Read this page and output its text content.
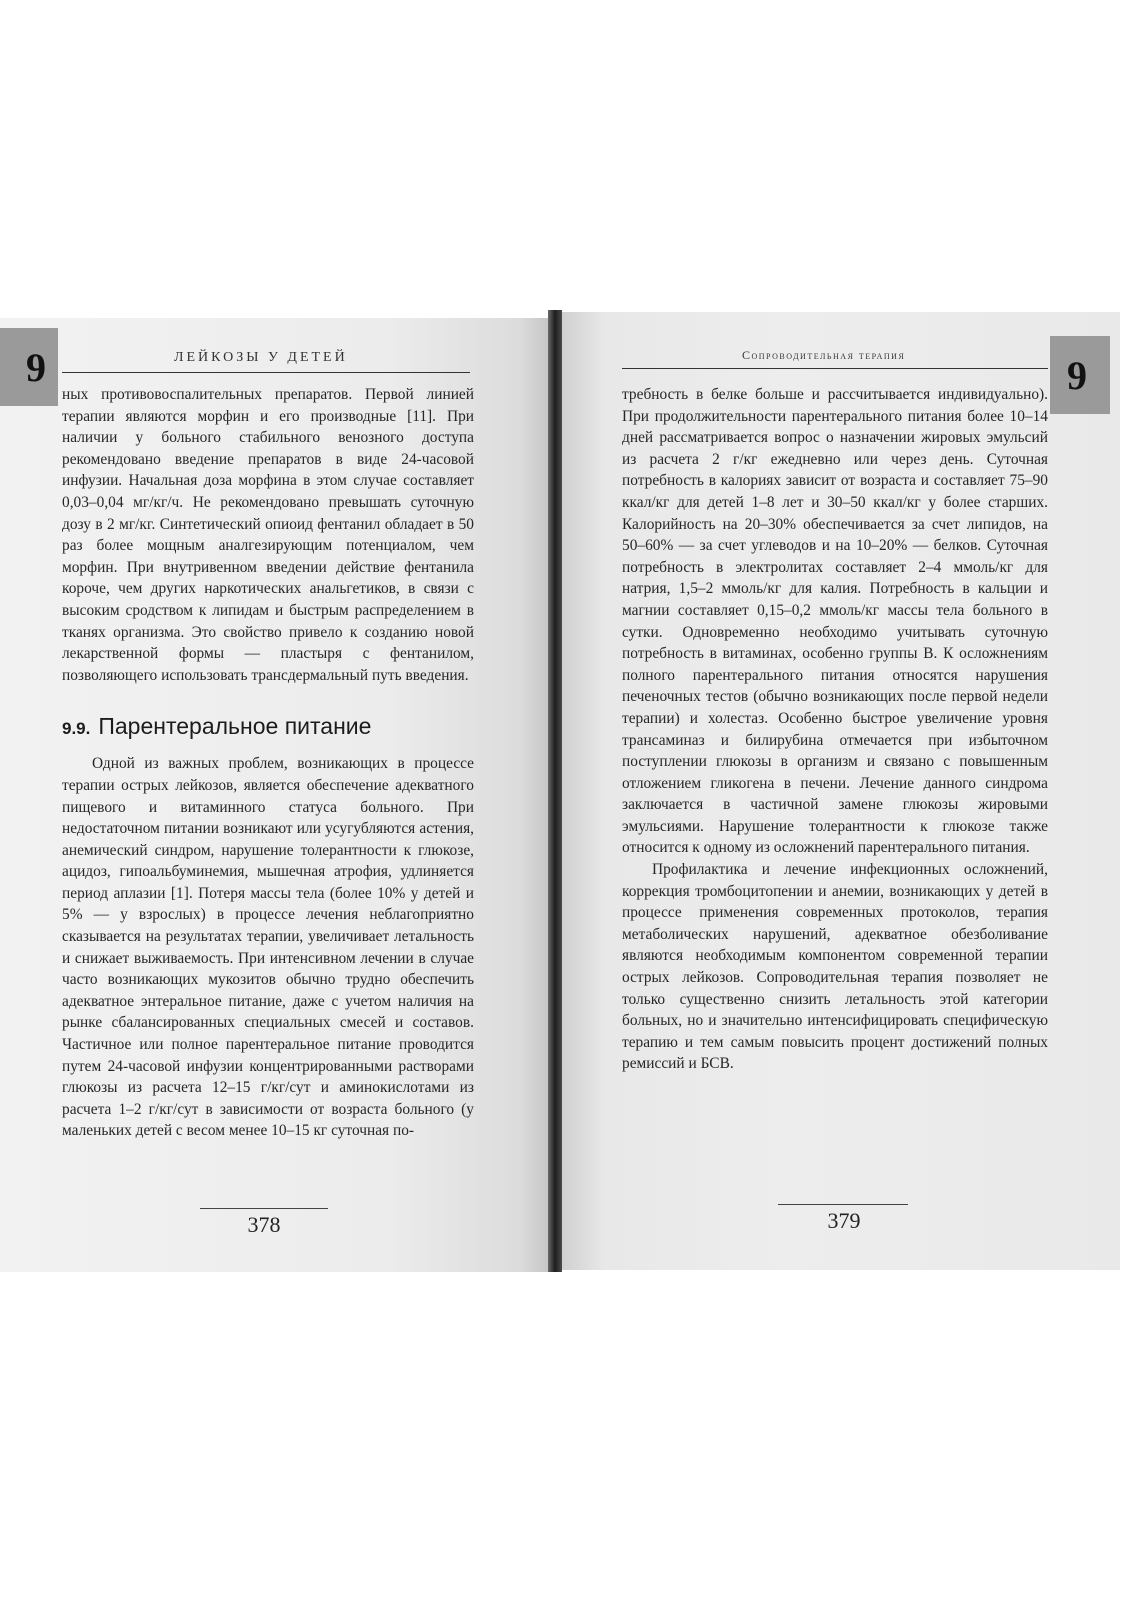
9	ЛЕЙКОЗЫ У ДЕТЕЙ

ных противовоспалительных препаратов. Первой линией терапии являются морфин и его производные [11]. При наличии у больного стабильного венозного доступа рекомендовано введение препаратов в виде 24-часовой инфузии. Начальная доза морфина в этом случае составляет 0,03–0,04 мг/кг/ч. Не рекомендовано превышать суточную дозу в 2 мг/кг. Синтетический опиоид фентанил обладает в 50 раз более мощным аналгезирующим потенциалом, чем морфин. При внутривенном введении действие фентанила короче, чем других наркотических анальгетиков, в связи с высоким сродством к липидам и быстрым распределением в тканях организма. Это свойство привело к созданию новой лекарственной формы — пластыря с фентанилом, позволяющего использовать трансдермальный путь введения.

9.9. Парентеральное питание

Одной из важных проблем, возникающих в процессе терапии острых лейкозов, является обеспечение адекватного пищевого и витаминного статуса больного. При недостаточном питании возникают или усугубляются астения, анемический синдром, нарушение толерантности к глюкозе, ацидоз, гипоальбуминемия, мышечная атрофия, удлиняется период аплазии [1]. Потеря массы тела (более 10% у детей и 5% — у взрослых) в процессе лечения неблагоприятно сказывается на результатах терапии, увеличивает летальность и снижает выживаемость. При интенсивном лечении в случае часто возникающих мукозитов обычно трудно обеспечить адекватное энтеральное питание, даже с учетом наличия на рынке сбалансированных специальных смесей и составов. Частичное или полное парентеральное питание проводится путем 24-часовой инфузии концентрированными растворами глюкозы из расчета 12–15 г/кг/сут и аминокислотами из расчета 1–2 г/кг/сут в зависимости от возраста больного (у маленьких детей с весом менее 10–15 кг суточная по-

378
Сопроводительная терапия	9

требность в белке больше и рассчитывается индивидуально). При продолжительности парентерального питания более 10–14 дней рассматривается вопрос о назначении жировых эмульсий из расчета 2 г/кг ежедневно или через день. Суточная потребность в калориях зависит от возраста и составляет 75–90 ккал/кг для детей 1–8 лет и 30–50 ккал/кг у более старших. Калорийность на 20–30% обеспечивается за счет липидов, на 50–60% — за счет углеводов и на 10–20% — белков. Суточная потребность в электролитах составляет 2–4 ммоль/кг для натрия, 1,5–2 ммоль/кг для калия. Потребность в кальции и магнии составляет 0,15–0,2 ммоль/кг массы тела больного в сутки. Одновременно необходимо учитывать суточную потребность в витаминах, особенно группы B. К осложнениям полного парентерального питания относятся нарушения печеночных тестов (обычно возникающих после первой недели терапии) и холестаз. Особенно быстрое увеличение уровня трансаминаз и билирубина отмечается при избыточном поступлении глюкозы в организм и связано с повышенным отложением гликогена в печени. Лечение данного синдрома заключается в частичной замене глюкозы жировыми эмульсиями. Нарушение толерантности к глюкозе также относится к одному из осложнений парентерального питания.

Профилактика и лечение инфекционных осложнений, коррекция тромбоцитопении и анемии, возникающих у детей в процессе применения современных протоколов, терапия метаболических нарушений, адекватное обезболивание являются необходимым компонентом современной терапии острых лейкозов. Сопроводительная терапия позволяет не только существенно снизить летальность этой категории больных, но и значительно интенсифицировать специфическую терапию и тем самым повысить процент достижений полных ремиссий и БСВ.

379
